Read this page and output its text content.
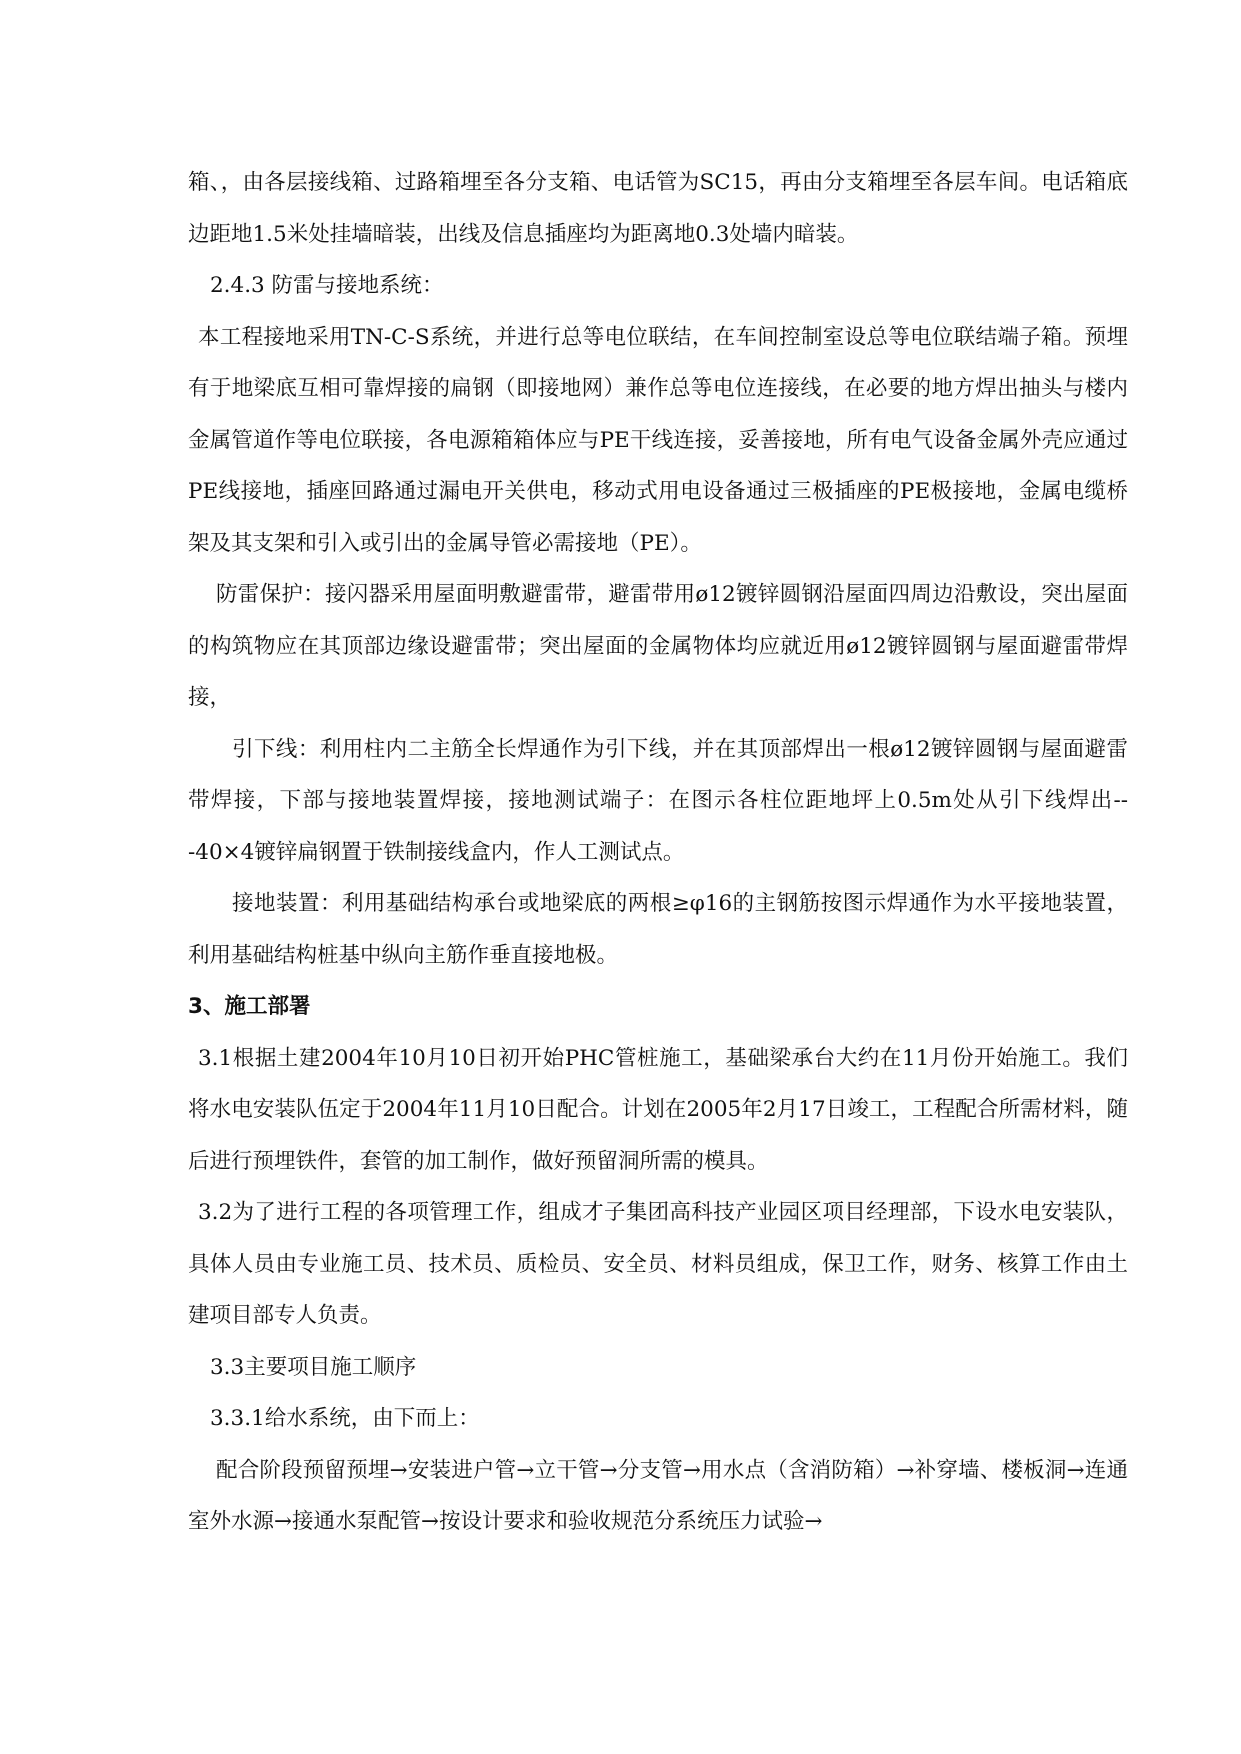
箱、，由各层接线箱、过路箱埋至各分支箱、电话管为SC15，再由分支箱埋至各层车间。电话箱底边距地1.5米处挂墙暗装，出线及信息插座均为距离地0.3处墙内暗装。

2.4.3 防雷与接地系统：

本工程接地采用TN-C-S系统，并进行总等电位联结，在车间控制室设总等电位联结端子箱。预埋有于地梁底互相可靠焊接的扁钢（即接地网）兼作总等电位连接线，在必要的地方焊出抽头与楼内金属管道作等电位联接，各电源箱箱体应与PE干线连接，妥善接地，所有电气设备金属外壳应通过PE线接地，插座回路通过漏电开关供电，移动式用电设备通过三极插座的PE极接地，金属电缆桥架及其支架和引入或引出的金属导管必需接地（PE）。

防雷保护：接闪器采用屋面明敷避雷带，避雷带用ø12镀锌圆钢沿屋面四周边沿敷设，突出屋面的构筑物应在其顶部边缘设避雷带；突出屋面的金属物体均应就近用ø12镀锌圆钢与屋面避雷带焊接，

引下线：利用柱内二主筋全长焊通作为引下线，并在其顶部焊出一根ø12镀锌圆钢与屋面避雷带焊接，下部与接地装置焊接，接地测试端子：在图示各柱位距地坪上0.5m处从引下线焊出---40×4镀锌扁钢置于铁制接线盒内，作人工测试点。

接地装置：利用基础结构承台或地梁底的两根≥φ16的主钢筋按图示焊通作为水平接地装置，利用基础结构桩基中纵向主筋作垂直接地极。

3、施工部署

3.1根据土建2004年10月10日初开始PHC管桩施工，基础梁承台大约在11月份开始施工。我们将水电安装队伍定于2004年11月10日配合。计划在2005年2月17日竣工，工程配合所需材料，随后进行预埋铁件，套管的加工制作，做好预留洞所需的模具。

3.2为了进行工程的各项管理工作，组成才子集团高科技产业园区项目经理部，下设水电安装队，具体人员由专业施工员、技术员、质检员、安全员、材料员组成，保卫工作，财务、核算工作由土建项目部专人负责。

3.3主要项目施工顺序

3.3.1给水系统，由下而上：

配合阶段预留预埋→安装进户管→立干管→分支管→用水点（含消防箱）→补穿墙、楼板洞→连通室外水源→接通水泵配管→按设计要求和验收规范分系统压力试验→
